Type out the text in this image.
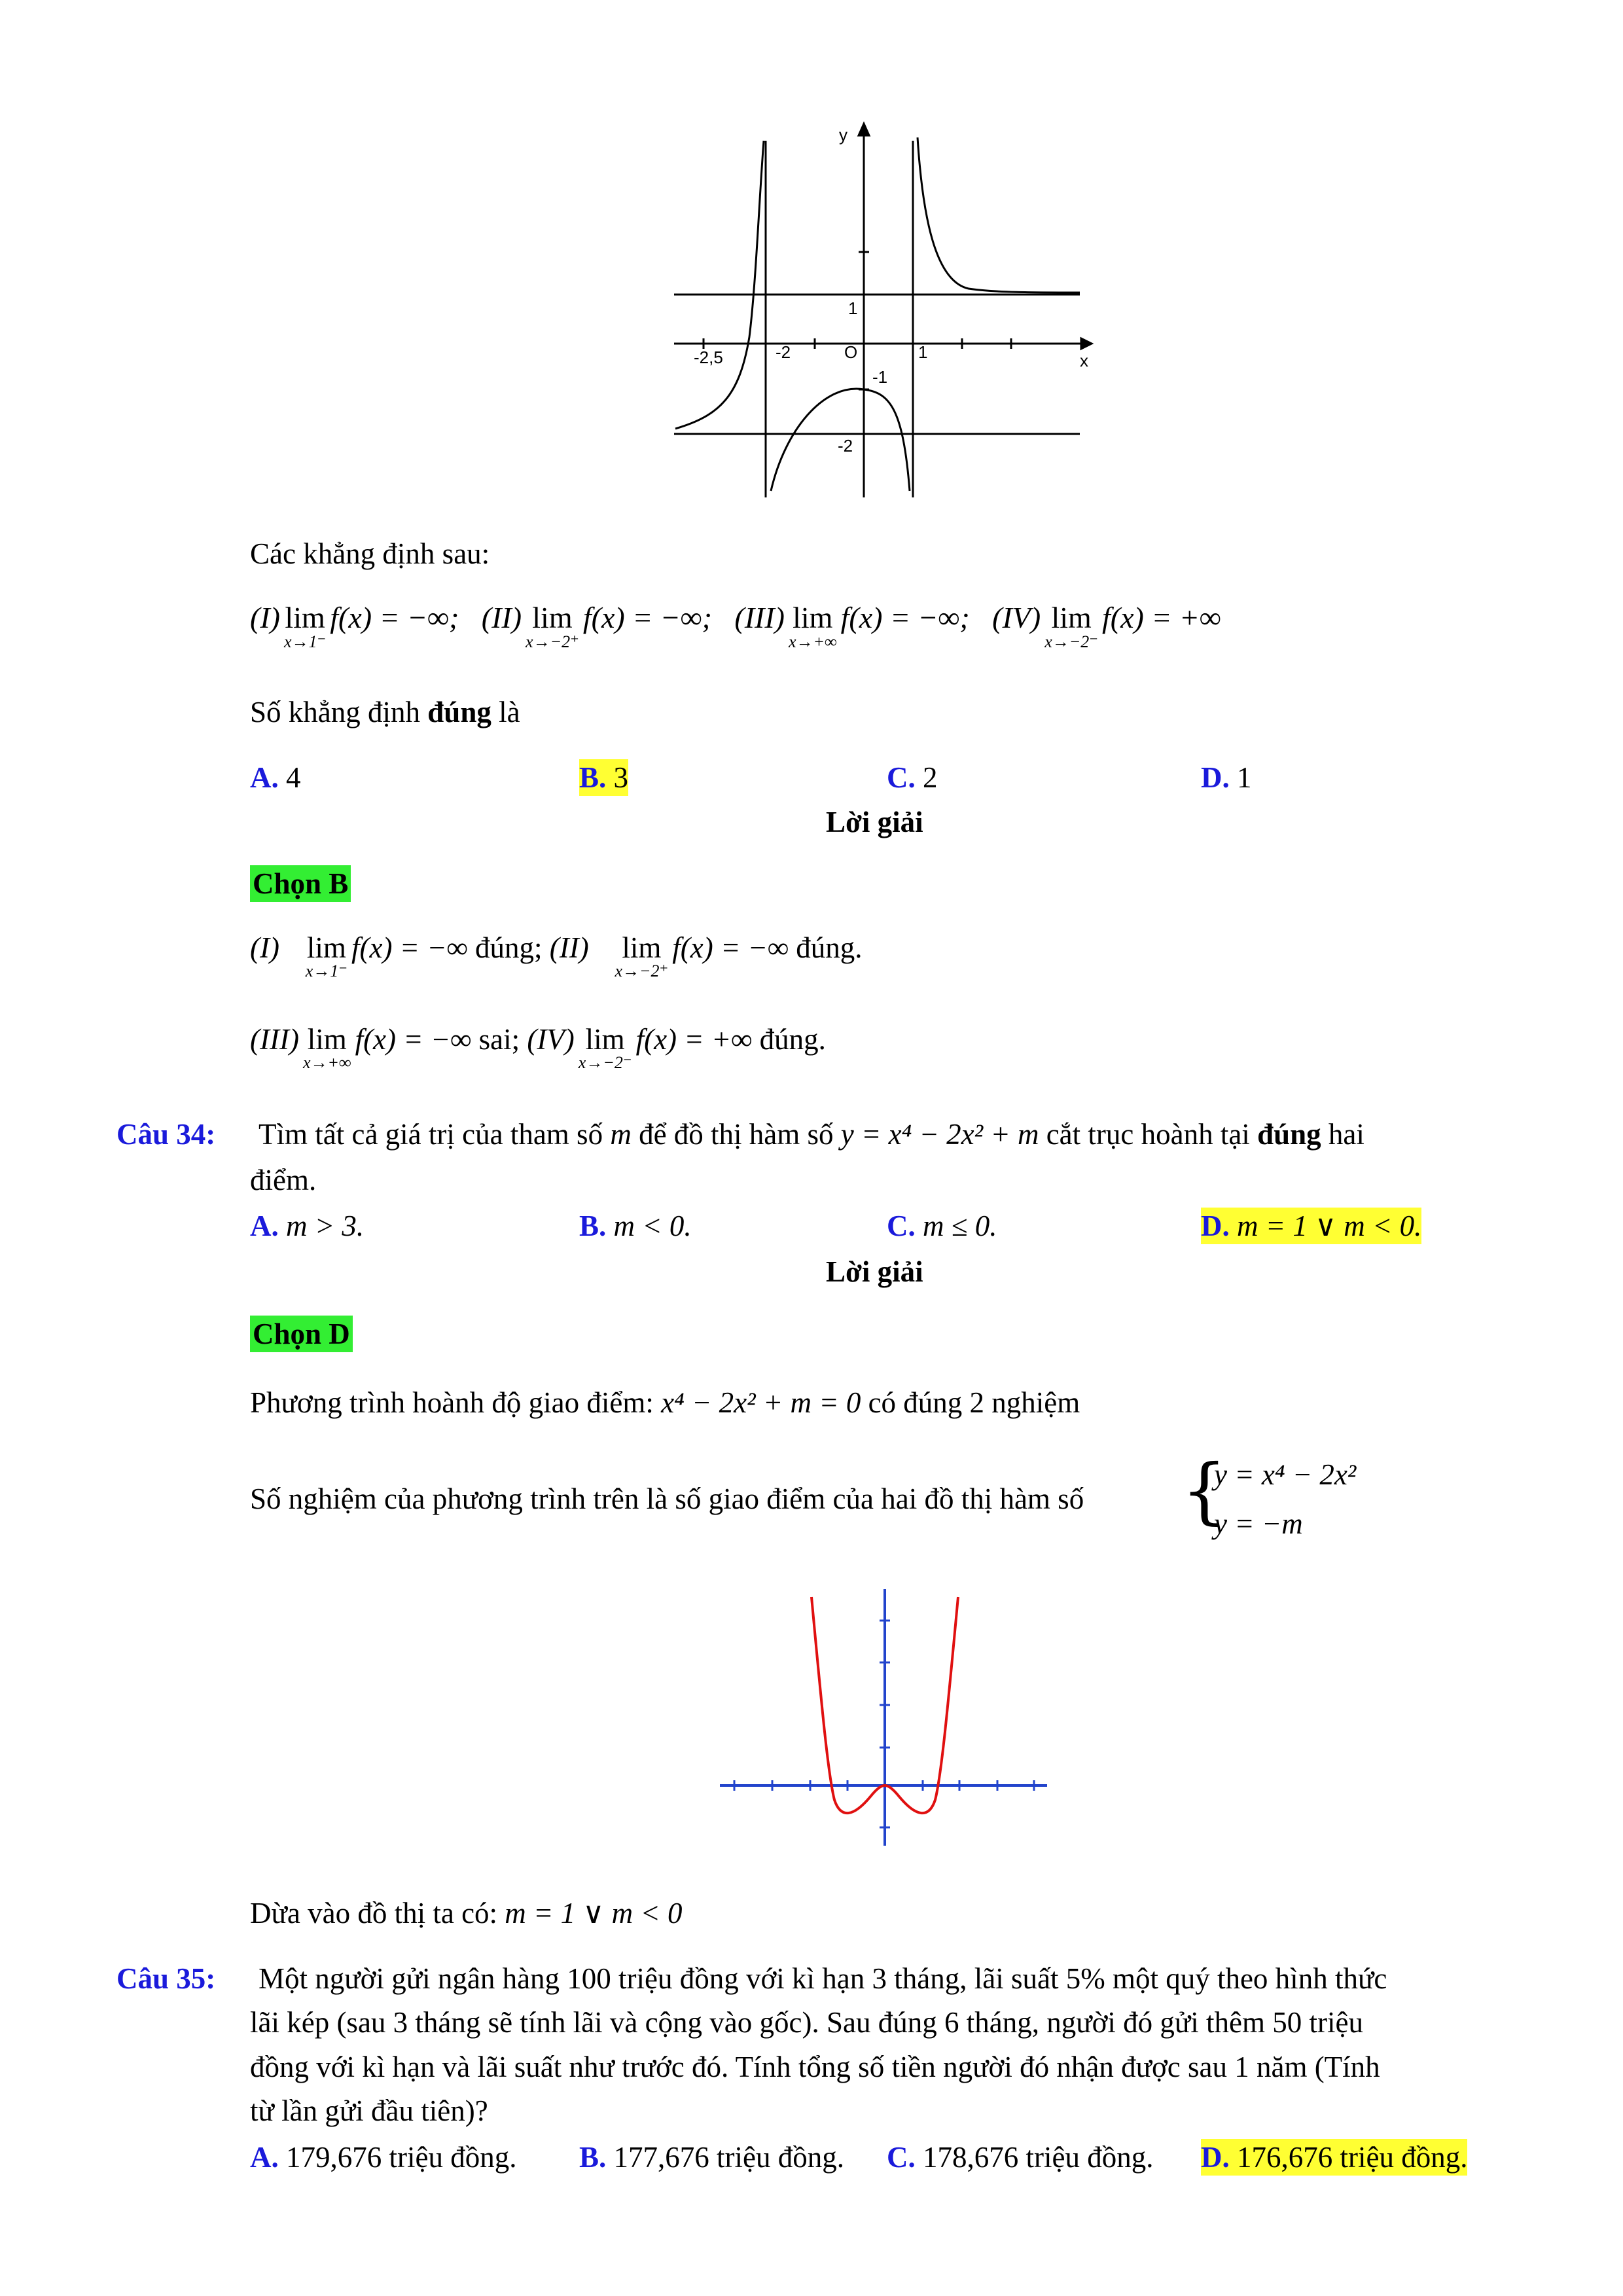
y
x
-2,5	-2	O	1
1
-1
-2
Các khẳng định sau:
(I) lim
x→1⁻
f(x) = −∞; (II) lim
x→−2⁺
f(x) = −∞; (III) lim
x→+∞
f(x) = −∞; (IV) lim
x→−2⁻
f(x) = +∞
Số khẳng định đúng là
A. 4	B. 3	C. 2	D. 1
Lời giải
Chọn B
(I) lim
x→1⁻
f(x) = −∞ đúng; (II) lim
x→−2⁺
f(x) = −∞ đúng.
(III) lim
x→+∞
f(x) = −∞ sai; (IV) lim
x→−2⁻
f(x) = +∞ đúng.
Câu 34: Tìm tất cả giá trị của tham số m để đồ thị hàm số y = x⁴ − 2x² + m cắt trục hoành tại đúng hai
điểm.
A. m > 3.	B. m < 0.	C. m ≤ 0.	D. m = 1 ∨ m < 0.
Lời giải
Chọn D
Phương trình hoành độ giao điểm: x⁴ − 2x² + m = 0 có đúng 2 nghiệm
Số nghiệm của phương trình trên là số giao điểm của hai đồ thị hàm số {
y = x⁴ − 2x²
y = −m
Dừa vào đồ thị ta có: m = 1 ∨ m < 0
Câu 35: Một người gửi ngân hàng 100 triệu đồng với kì hạn 3 tháng, lãi suất 5% một quý theo hình thức
lãi kép (sau 3 tháng sẽ tính lãi và cộng vào gốc). Sau đúng 6 tháng, người đó gửi thêm 50 triệu
đồng với kì hạn và lãi suất như trước đó. Tính tổng số tiền người đó nhận được sau 1 năm (Tính
từ lần gửi đầu tiên)?
A. 179,676 triệu đồng. B. 177,676 triệu đồng. C. 178,676 triệu đồng. D. 176,676 triệu đồng.
